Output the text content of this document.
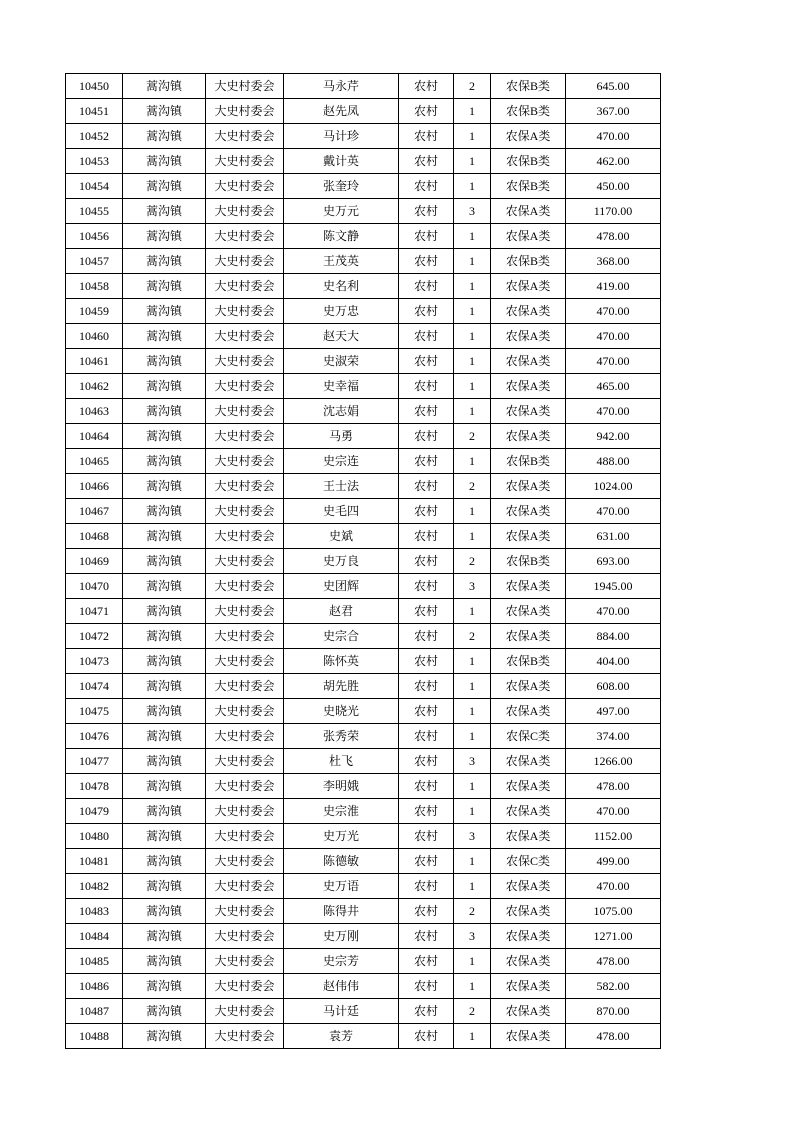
10450	蒿沟镇	大史村委会	马永芹	农村	2	农保B类	645.00
10451	蒿沟镇	大史村委会	赵先凤	农村	1	农保B类	367.00
10452	蒿沟镇	大史村委会	马计珍	农村	1	农保A类	470.00
10453	蒿沟镇	大史村委会	戴计英	农村	1	农保B类	462.00
10454	蒿沟镇	大史村委会	张奎玲	农村	1	农保B类	450.00
10455	蒿沟镇	大史村委会	史万元	农村	3	农保A类	1170.00
10456	蒿沟镇	大史村委会	陈文静	农村	1	农保A类	478.00
10457	蒿沟镇	大史村委会	王茂英	农村	1	农保B类	368.00
10458	蒿沟镇	大史村委会	史名利	农村	1	农保A类	419.00
10459	蒿沟镇	大史村委会	史万忠	农村	1	农保A类	470.00
10460	蒿沟镇	大史村委会	赵天大	农村	1	农保A类	470.00
10461	蒿沟镇	大史村委会	史淑荣	农村	1	农保A类	470.00
10462	蒿沟镇	大史村委会	史幸福	农村	1	农保A类	465.00
10463	蒿沟镇	大史村委会	沈志娟	农村	1	农保A类	470.00
10464	蒿沟镇	大史村委会	马勇	农村	2	农保A类	942.00
10465	蒿沟镇	大史村委会	史宗连	农村	1	农保B类	488.00
10466	蒿沟镇	大史村委会	王士法	农村	2	农保A类	1024.00
10467	蒿沟镇	大史村委会	史毛四	农村	1	农保A类	470.00
10468	蒿沟镇	大史村委会	史斌	农村	1	农保A类	631.00
10469	蒿沟镇	大史村委会	史万良	农村	2	农保B类	693.00
10470	蒿沟镇	大史村委会	史团辉	农村	3	农保A类	1945.00
10471	蒿沟镇	大史村委会	赵君	农村	1	农保A类	470.00
10472	蒿沟镇	大史村委会	史宗合	农村	2	农保A类	884.00
10473	蒿沟镇	大史村委会	陈怀英	农村	1	农保B类	404.00
10474	蒿沟镇	大史村委会	胡先胜	农村	1	农保A类	608.00
10475	蒿沟镇	大史村委会	史晓光	农村	1	农保A类	497.00
10476	蒿沟镇	大史村委会	张秀荣	农村	1	农保C类	374.00
10477	蒿沟镇	大史村委会	杜飞	农村	3	农保A类	1266.00
10478	蒿沟镇	大史村委会	李明娥	农村	1	农保A类	478.00
10479	蒿沟镇	大史村委会	史宗淮	农村	1	农保A类	470.00
10480	蒿沟镇	大史村委会	史万光	农村	3	农保A类	1152.00
10481	蒿沟镇	大史村委会	陈德敏	农村	1	农保C类	499.00
10482	蒿沟镇	大史村委会	史万语	农村	1	农保A类	470.00
10483	蒿沟镇	大史村委会	陈得井	农村	2	农保A类	1075.00
10484	蒿沟镇	大史村委会	史万刚	农村	3	农保A类	1271.00
10485	蒿沟镇	大史村委会	史宗芳	农村	1	农保A类	478.00
10486	蒿沟镇	大史村委会	赵伟伟	农村	1	农保A类	582.00
10487	蒿沟镇	大史村委会	马计廷	农村	2	农保A类	870.00
10488	蒿沟镇	大史村委会	袁芳	农村	1	农保A类	478.00
